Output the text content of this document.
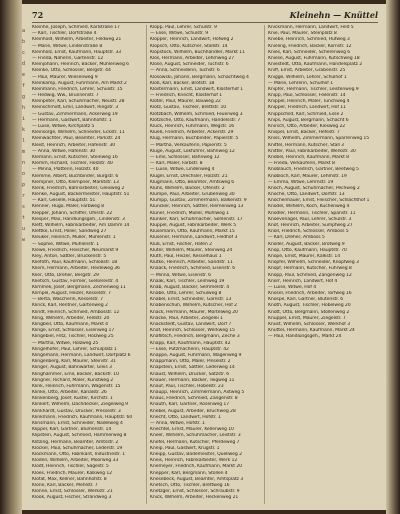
a
b
c
d
e
f
g
h
i
k
l
m
n
o
p
r
s
t
u
w
72	Kleinehn — Knüttel
Kleinhe, Joseph, Schmied, Karlstraße 17
— Karl, Tischler, Dorfstraße 4
Kleinhold, Wilhelm, Arbeiter, Feldweg 21
— Marie, Witwe, Lindenstraße 8
Kleinholz, Ernst, Kaufmann, Hauptstr. 33
— Frieda, Näherin, Gartenstr. 12
Kleinjohann, Heinrich, Bäcker, Mühlenweg 6
Kleinke, Otto, Schlosser, Bergstr. 44
— Paul, Maurer, Wiesenweg 9
Kleinkamp, August, Fuhrmann, Am Markt 2
Kleinmann, Friedrich, Lehrer, Schulstr. 15
— Hedwig, Ww., Brunnenstr. 7
Kleinpeter, Karl, Schuhmacher, Neustr. 28
Kleinschmidt, Emil, Landwirt, Ringstr. 3
— Gustav, Zimmermann, Ackerweg 19
— Hermann, Gastwirt, Bahnhofstr. 1
— Luise, Witwe, Kirchplatz 5
Kleinsorge, Wilhelm, Schneider, Eckstr. 11
Kleinwächter, Paul, Beamter, Parkstr. 24
Kleist, Heinrich, Arbeiter, Hafenstr. 30
— Anna, Witwe, Hafenstr. 30
Klemann, Ernst, Kutscher, Steinweg 16
Klemm, Richard, Tischler, Holzstr. 40
— Minna, Plätterin, Holzstr. 40
Klemme, Albert, Buchbinder, Burgstr. 6
Klempner, Otto, Klempner, Marktstr. 13
Klenk, Friedrich, Bahnarbeiter, Gleisweg 2
Klenke, August, Bäckermeister, Hauptstr. 51
— Karl, Geselle, Hauptstr. 51
Klenner, Hugo, Maler, Farbweg 8
Klepper, Johann, Schiffer, Uferstr. 22
Klesper, Max, Handlungsgeh., Lindenstr. 3
Klett, Wilhelm, Fabrikarbeiter, Am Damm 14
Klettke, Ernst, Polier, Sandweg 27
Kleuker, Heinrich, Müller, Mühlenstr. 1
— Sophie, Witwe, Mühlenstr. 1
Klewe, Friedrich, Fleischer, Neumarkt 9
Kley, Anton, Sattler, Brückenstr. 5
Kliefoth, Paul, Kaufmann, Schloßstr. 18
Kliem, Hermann, Arbeiter, Heideweg 36
Klier, Otto, Dreher, Bergstr. 29
Klietsch, Gustav, Former, Gießereistr. 4
Klimmek, Josef, Bergmann, Zechenweg 11
Klimpel, August, Heizer, Kesselstr. 7
— Berta, Wäscherin, Kesselstr. 7
Klinck, Karl, Rentner, Gartenweg 2
Klindt, Heinrich, Schmied, Ambosstr. 12
Kling, Wilhelm, Arbeiter, Feldstr. 20
Klingbeil, Otto, Kaufmann, Markt 4
Klinge, Ernst, Schlosser, Eisenweg 17
Klingebiel, Fritz, Tischler, Holzweg 25
— Martha, Witwe, Holzweg 25
Klingelhöfer, Paul, Lehrer, Schulplatz 1
Klingemann, Hermann, Landwirt, Dorfplatz 6
Klingenberg, Karl, Maurer, Steinstr. 31
Klinger, August, Bahnwärter, Gleis 3
Klinghammer, Emil, Bäcker, Backstr. 10
Klingner, Richard, Maler, Kunstweg 2
Klink, Heinrich, Fuhrmann, Wagenstr. 15
Klinke, Otto, Arbeiter, Kanalstr. 26
Klinkenberg, Josef, Küster, Kirchstr. 1
Klinkert, Wilhelm, Dachdecker, Ziegelweg 9
Klinkhardt, Gustav, Drucker, Pressestr. 3
Klinkmann, Friedrich, Kaufmann, Hauptstr. 60
Klinsmann, Ernst, Schneider, Nadelweg 4
Klippel, Karl, Gärtner, Blumenstr. 14
Klipstein, August, Schmied, Hammerweg 8
Klitzing, Hermann, Beamter, Amtsstr. 2
Klöcker, Paul, Schuhmacher, Lederstr. 19
Klockmann, Otto, Fabrikant, Industriestr. 1
Klöden, Wilhelm, Arbeiter, Moorweg 33
Klodt, Heinrich, Tischler, Sägestr. 5
Kloes, Friedrich, Maurer, Kalkweg 12
Klofat, Max, Kellner, Bahnhofstr. 8
Klöne, Karl, Bäcker, Mehlstr. 7
Klönne, Ernst, Schlosser, Werkstr. 21
Klook, August, Fischer, Strandweg 3
Klopp, Paul, Lehrer, Schulstr. 9
— Elise, Witwe, Schulstr. 9
Klöpper, Heinrich, Landwirt, Hofweg 2
Klopsch, Otto, Kutscher, Stallstr. 14
Klopstock, Wilhelm, Buchhändler, Markt 11
Klos, Hermann, Arbeiter, Lehmweg 27
Klose, August, Schneider, Tuchstr. 6
— Anna, Schneiderin, Tuchstr. 6
Klosowski, Johann, Bergmann, Schachtweg 4
Kloß, Karl, Bäcker, Brotstr. 18
Klostermann, Ernst, Landwirt, Klosterhof 1
— Friedrich, Knecht, Klosterhof 1
Klöter, Paul, Maurer, Bauweg 22
Klotz, Gustav, Tischler, Brettstr. 10
Klotzbach, Wilhelm, Schmied, Feuerweg 3
Klotzsche, Otto, Kaufmann, Handelsstr. 7
Kluck, Heinrich, Fuhrmann, Wegstr. 16
Klueß, Friedrich, Arbeiter, Ackerstr. 29
Klug, Hermann, Buchbinder, Papierstr. 5
— Martha, Verkäuferin, Papierstr. 5
Kluge, August, Lokführer, Bahnweg 12
— Emil, Schlosser, Bahnweg 12
— Karl, Maler, Farbstr. 8
— Luise, Witwe, Lindenweg 4
Klügel, Ernst, Drechsler, Holzstr. 21
Klugmann, Otto, Beamter, Amtsweg 6
Kluhs, Wilhelm, Bäcker, Ofenstr. 2
Klumpe, Paul, Arbeiter, Grubenweg 30
Klumpp, Gustav, Zimmermann, Balkenstr. 9
Kluncker, Heinrich, Sattler, Riemenweg 13
Klüner, Friedrich, Müller, Mühlweg 1
Klunker, Karl, Schuhmacher, Sohlenstr. 17
Klüppel, August, Fabrikarbeiter, Werk 5
Klusemann, Otto, Kaufmann, Markt 15
Klüsener, Hermann, Landwirt, Feldhof 3
Klüß, Ernst, Fischer, Hafen 2
Klüter, Wilhelm, Maurer, Steinweg 24
Kluth, Paul, Heizer, Kesselhaus 1
Klutke, Heinrich, Arbeiter, Sandstr. 11
Knaack, Friedrich, Schmied, Eisenstr. 6
— Minna, Witwe, Eisenstr. 6
Knaak, Karl, Tischler, Leimweg 19
Knab, August, Bäcker, Semmelstr. 4
Knabe, Otto, Lehrer, Schulweg 8
Knäbel, Ernst, Schneider, Garnstr. 13
Knabenschuh, Wilhelm, Kutscher, Hof 2
Knack, Hermann, Maurer, Mörtelweg 20
Knacke, Paul, Arbeiter, Ziegelei 1
Knackstedt, Gustav, Landwirt, Dorf 7
Knaf, Heinrich, Schlosser, Werkweg 15
Knaflitsch, Friedrich, Bergmann, Zeche 3
Knapp, Karl, Kaufmann, Hauptstr. 42
— Elise, Putzmacherin, Hauptstr. 42
Knappe, August, Fuhrmann, Wagenweg 9
Knappmann, Otto, Maler, Pinselstr. 2
Knapstein, Ernst, Sattler, Lederweg 14
Knaust, Wilhelm, Drucker, Satzstr. 6
Knauer, Hermann, Bäcker, Teigweg 11
Knauf, Paul, Tischler, Hobelstr. 23
Knaupp, Heinrich, Zimmermann, Axtweg 5
Knaus, Friedrich, Schmied, Zangenstr. 8
Knauth, Karl, Gärtner, Rosenweg 17
Knebel, August, Arbeiter, Bruchweg 28
Knecht, Otto, Landwirt, Hofstr. 1
— Anna, Witwe, Hofstr. 1
Knechtel, Ernst, Maurer, Kellenweg 10
Kneer, Wilhelm, Schuhmacher, Leiststr. 3
Knefel, Hermann, Kutscher, Pferdeweg 7
Kneip, Paul, Gastwirt, Krugstr. 1
Kneipp, Gustav, Bademeister, Quellweg 2
Kneis, Heinrich, Fabrikarbeiter, Werk 12
Knemeyer, Friedrich, Kaufmann, Markt 20
Knepper, Karl, Bergmann, Stollen 4
Knesebeck, August, Beamter, Amtsplatz 3
Knetsch, Otto, Tischler, Brettweg 16
Knetzger, Ernst, Schlosser, Schraubstr. 9
Knick, Wilhelm, Arbeiter, Heckenweg 21
Knickmann, Hermann, Landwirt, Feld 5
Knie, Paul, Maurer, Steinplatz 8
Kniebe, Heinrich, Schmied, Hufweg 3
Knieling, Friedrich, Bäcker, Kornstr. 12
Knies, Karl, Schneider, Scherenweg 6
Kniese, August, Fuhrmann, Kutschweg 18
Kniestedt, Otto, Kaufmann, Handelsplatz 2
Kniff, Ernst, Arbeiter, Grabenstr. 25
Knigge, Wilhelm, Lehrer, Schulhof 1
— Marie, Lehrerin, Schulhof 1
Knipfer, Hermann, Tischler, Leistenweg 9
Knipp, Paul, Schlosser, Feilenstr. 14
Knippel, Heinrich, Maler, Tünchweg 4
Knipper, Friedrich, Landwirt, Hof 11
Knippschild, Karl, Schmied, Esse 2
Knips, August, Bergmann, Schacht 6
Knirsch, Otto, Arbeiter, Kiesweg 22
Knispel, Ernst, Bäcker, Hefestr. 7
Kniss, Wilhelm, Zimmermann, Sparrenweg 15
Knittel, Hermann, Kutscher, Stall 3
Knitter, Paul, Fabrikarbeiter, Werkstr. 30
Knobel, Heinrich, Kaufmann, Markt 8
— Frieda, Verkäuferin, Markt 8
Knoblauch, Friedrich, Gärtner, Beetweg 5
Knobloch, Karl, Maurer, Lehmstr. 19
— Emma, Witwe, Lehmstr. 19
Knoch, August, Schuhmacher, Pechweg 2
Knoche, Otto, Landwirt, Dorfstr. 13
Knochenhauer, Ernst, Fleischer, Schlachthof 1
Knödel, Wilhelm, Koch, Küchenweg 4
Knödler, Hermann, Tischler, Spanstr. 11
Knoevenagel, Paul, Lehrer, Schulstr. 3
Knof, Heinrich, Arbeiter, Sumpfweg 27
Knoll, Friedrich, Schlosser, Amboss 5
— Karl, Dreher, Amboss 5
Knöller, August, Bäcker, Brotweg 9
Knop, Otto, Kaufmann, Hauptstr. 70
Knope, Ernst, Maurer, Kalkstr. 14
Knöpfel, Wilhelm, Schneider, Knopfweg 3
Knopf, Hermann, Kutscher, Fuhrweg 8
Knopp, Paul, Schmied, Zangenweg 12
Knorr, Heinrich, Landwirt, Hof 4
— Luise, Witwe, Hof 4
Knösel, Friedrich, Arbeiter, Torfweg 16
Knospe, Karl, Gärtner, Blütenstr. 6
Knoth, August, Tischler, Hobelweg 20
Knott, Otto, Bergmann, Stollenweg 2
Knüppel, Ernst, Maurer, Ziegelstr. 7
Knust, Wilhelm, Schlosser, Werkhof 3
Knüttel, Hermann, Kaufmann, Markt 24
— Paul, Handlungsgeh., Markt 24
